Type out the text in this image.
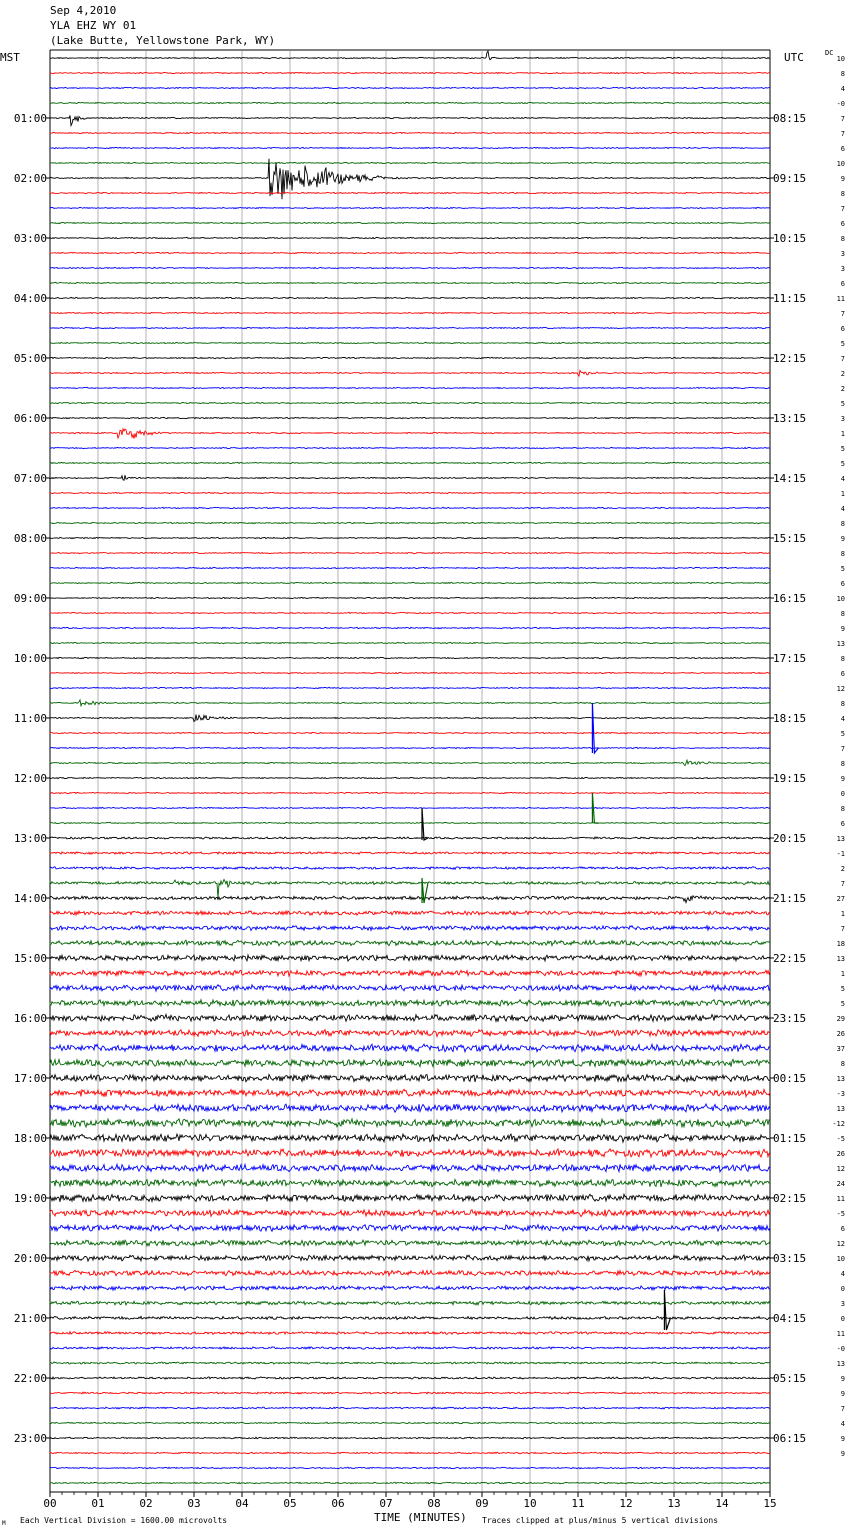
Sep 4,2010
YLA EHZ WY 01
(Lake Butte, Yellowstone Park, WY)
MST	UTC	DC
00	01	02	03	04	05	06	07	08	09	10	11	12	13	14	15
01:00
02:00
03:00
04:00
05:00
06:00
07:00
08:00
09:00
10:00
11:00
12:00
13:00
14:00
15:00
16:00
17:00
18:00
19:00
20:00
21:00
22:00
23:00
08:15
09:15
10:15
11:15
12:15
13:15
14:15
15:15
16:15
17:15
18:15
19:15
20:15
21:15
22:15
23:15
00:15
01:15
02:15
03:15
04:15
05:15
06:15
10
8
4
-0
7
7
6
10
9
8
7
6
8
3
3
6
11
7
6
5
7
2
2
5
3
1
5
5
4
1
4
8
9
8
5
6
10
8
9
13
8
6
12
8
4
5
7
8
9
0
8
6
13
-1
2
7
27
1
7
18
13
1
5
5
29
26
37
8
13
-3
13
-12
-5
26
12
24
11
-5
6
12
10
4
0
3
0
11
-0
13
9
9
7
4
9
9
TIME (MINUTES)
Each Vertical Division = 1600.00 microvolts	Traces clipped at plus/minus 5 vertical divisions
M
